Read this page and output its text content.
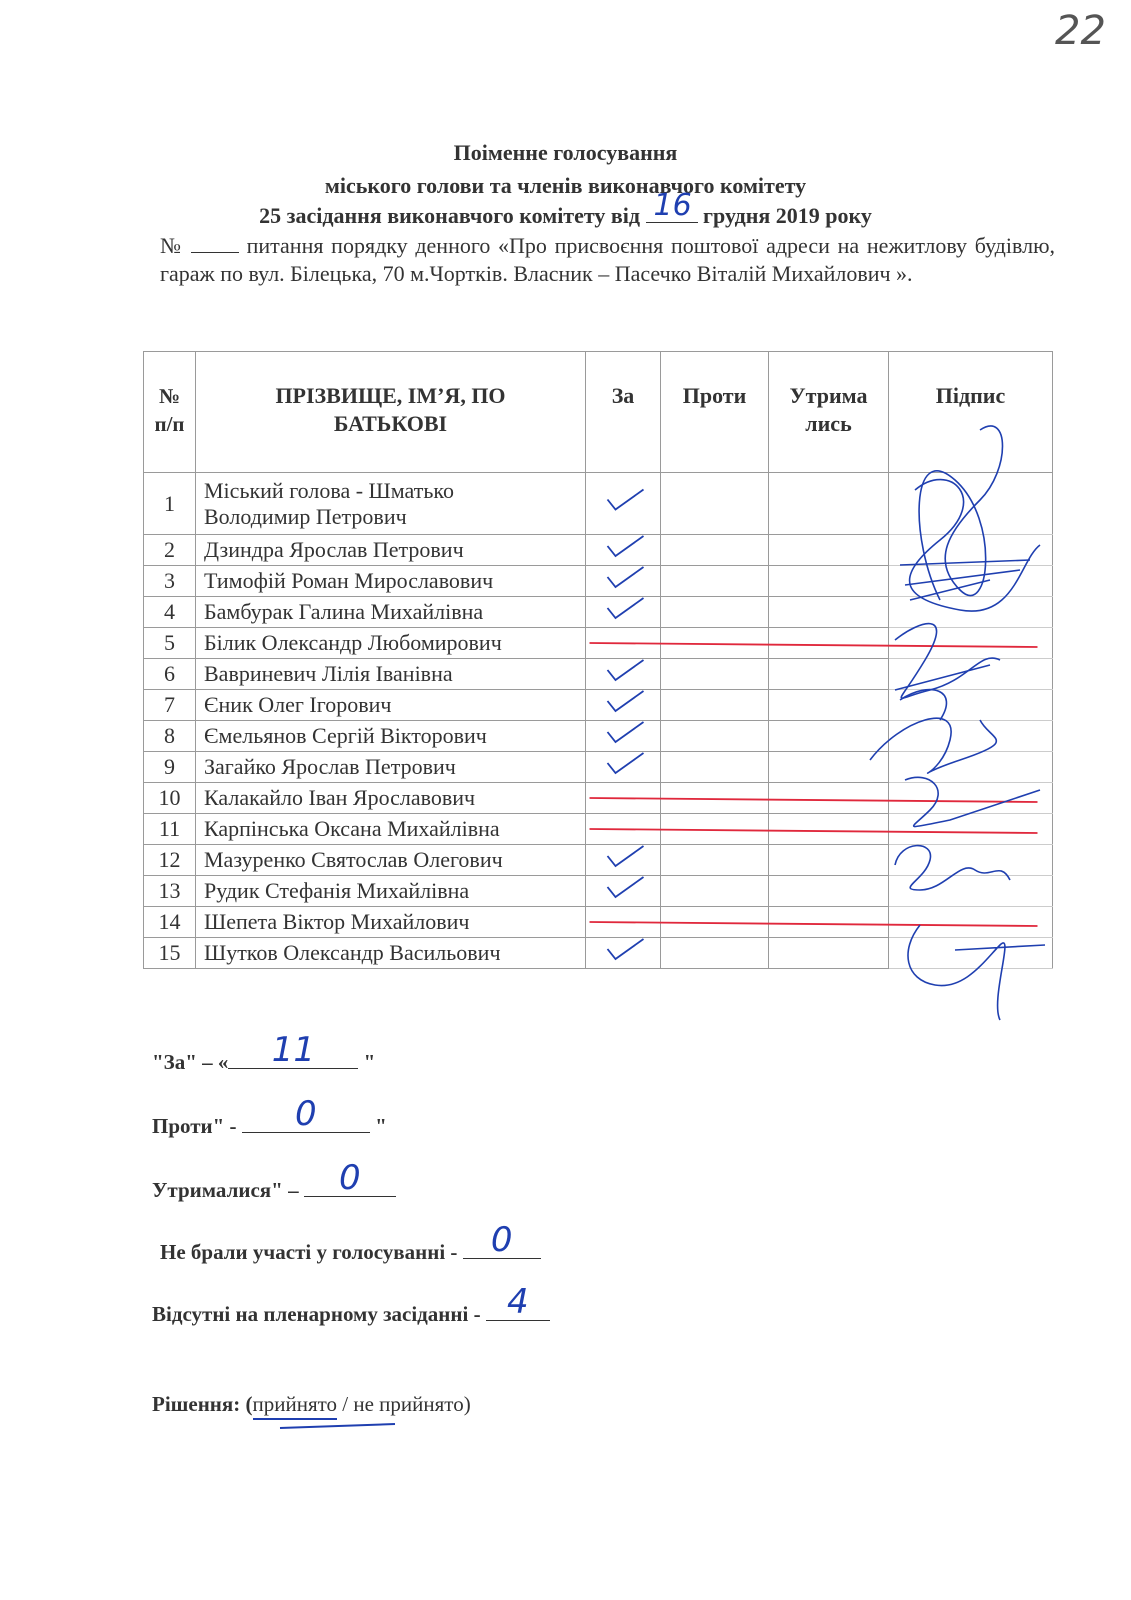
22
Поіменне голосування
міського голови та членів виконавчого комітету
25 засідання виконавчого комітету від 16 грудня 2019 року
№	питання порядку денного «Про присвоєння поштової адреси на нежитлову будівлю, гараж по вул. Білецька, 70 м.Чортків. Власник – Пасечко Віталій Михайлович ».
№ п/п	ПРІЗВИЩЕ, ІМ’Я, ПО БАТЬКОВІ	За	Проти	Утрима лись	Підпис
1	Міський голова - Шматько
Володимир Петрович				

2	Дзиндра Ярослав Петрович				

3	Тимофій Роман Мирославович				

4	Бамбурак Галина Михайлівна				

5	Білик Олександр Любомирович				

6	Вавриневич Лілія Іванівна				

7	Єник Олег Ігорович				

8	Ємельянов Сергій Вікторович				

9	Загайко Ярослав Петрович				

10	Калакайло Іван Ярославович				

11	Карпінська Оксана Михайлівна				

12	Мазуренко Святослав Олегович				

13	Рудик Стефанія Михайлівна				

14	Шепета Віктор Михайлович				

15	Шутков Олександр Васильович				

"За" – «	11	"
Проти" -	0	"
Утрималися" –	0
Не брали участі у голосуванні - 0
Відсутні на пленарному засіданні - 4
Рішення: (прийнято / не прийнято)
